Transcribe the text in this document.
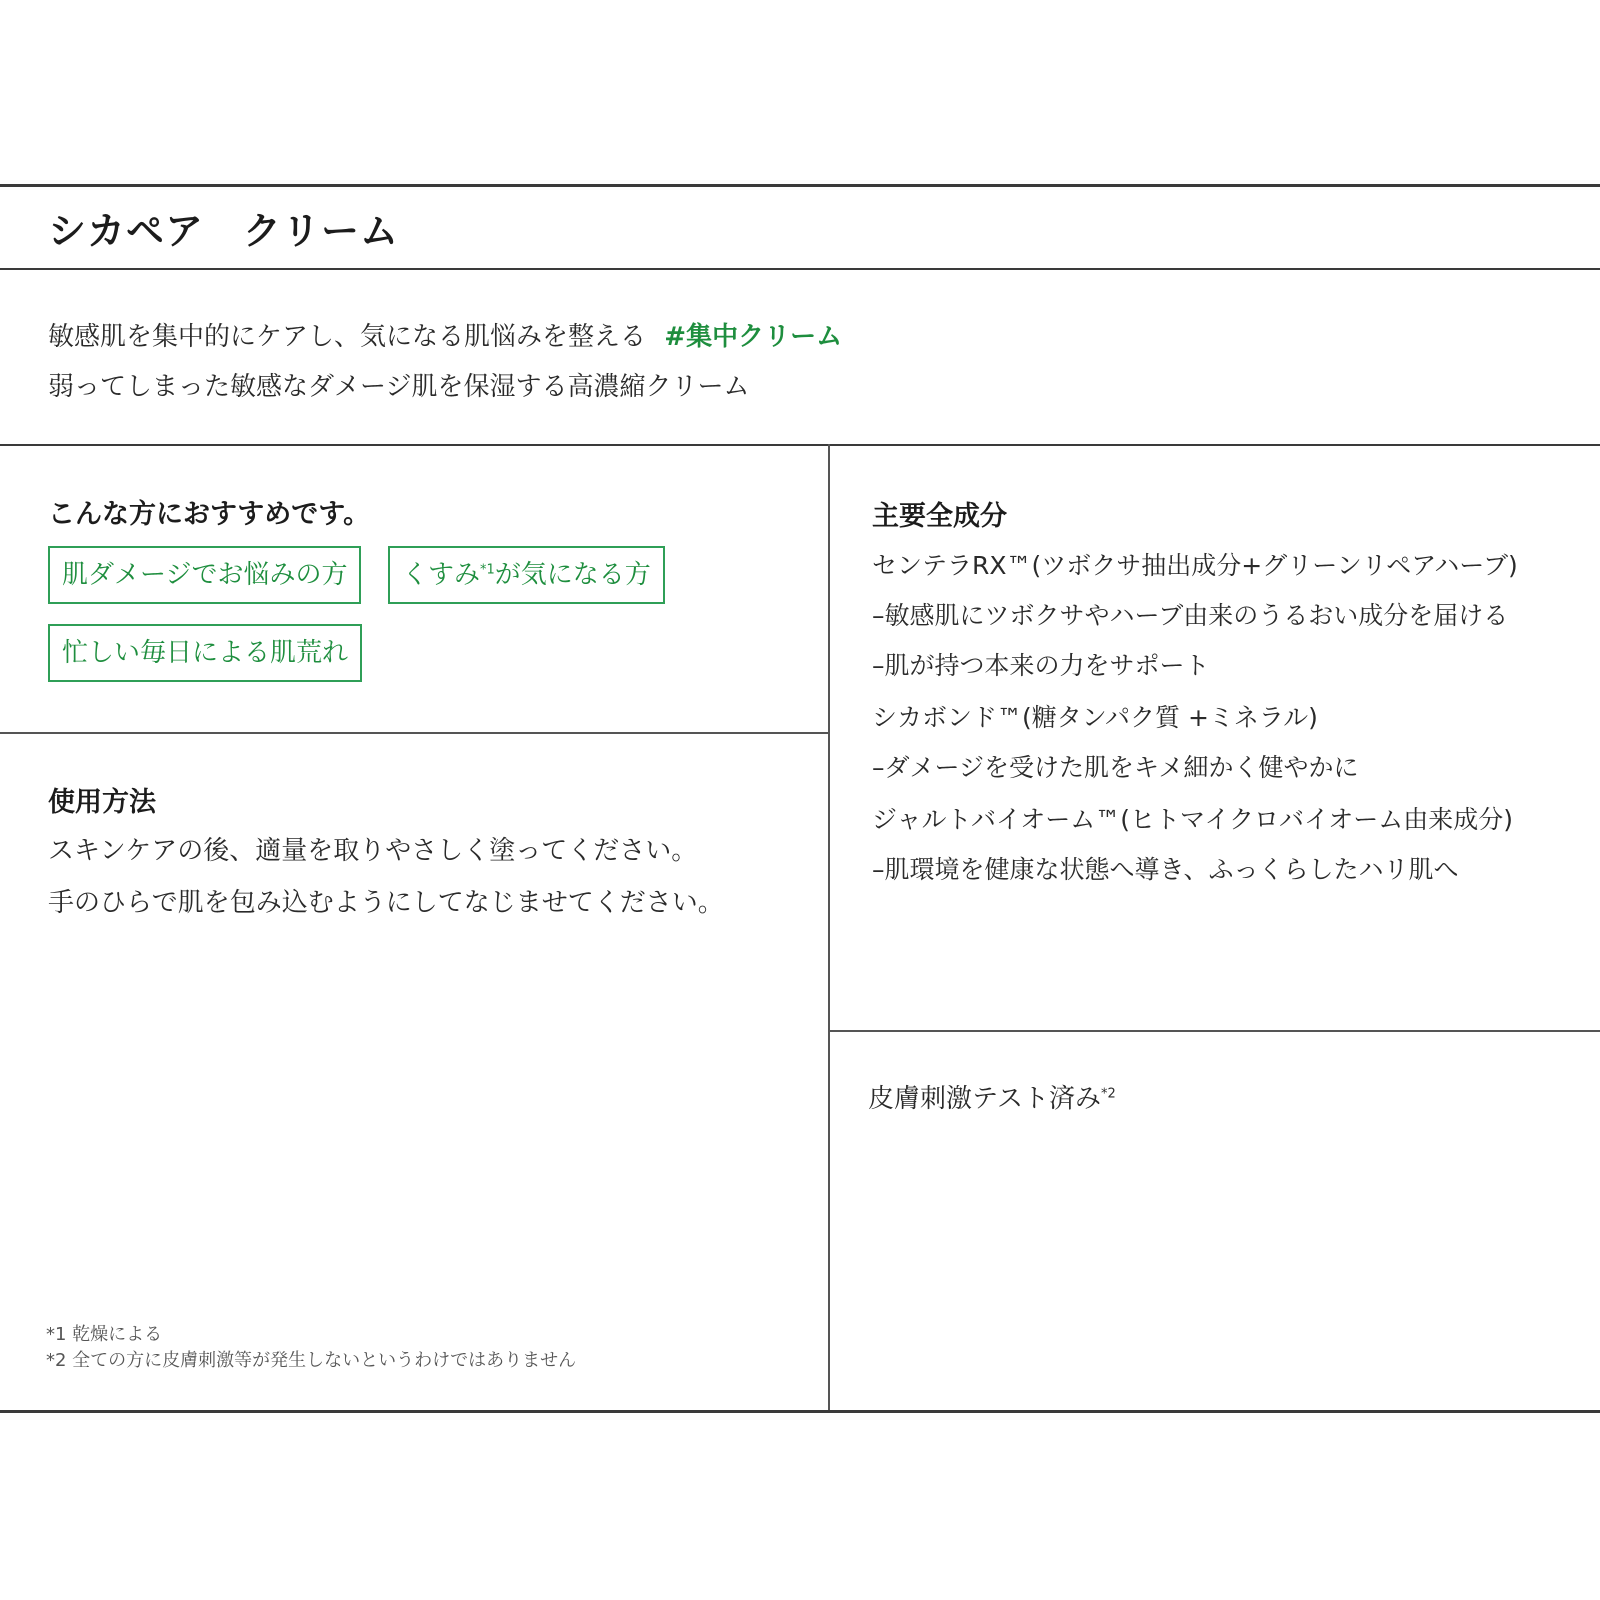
シカペア　クリーム
敏感肌を集中的にケアし、気になる肌悩みを整える #集中クリーム
弱ってしまった敏感なダメージ肌を保湿する高濃縮クリーム
こんな方におすすめです。
肌ダメージでお悩みの方	くすみ$^{*1}$が気になる方
忙しい毎日による肌荒れ
使用方法
スキンケアの後、適量を取りやさしく塗ってください。
手のひらで肌を包み込むようにしてなじませてください。
*1 乾燥による
*2 全ての方に皮膚刺激等が発生しないというわけではありません
主要全成分
センテラRX™(ツボクサ抽出成分+グリーンリペアハーブ)
–敏感肌にツボクサやハーブ由来のうるおい成分を届ける
–肌が持つ本来の力をサポート
シカボンド™(糖タンパク質 +ミネラル)
–ダメージを受けた肌をキメ細かく健やかに
ジャルトバイオーム™(ヒトマイクロバイオーム由来成分)
–肌環境を健康な状態へ導き、ふっくらしたハリ肌へ
皮膚刺激テスト済み$^{*2}$
